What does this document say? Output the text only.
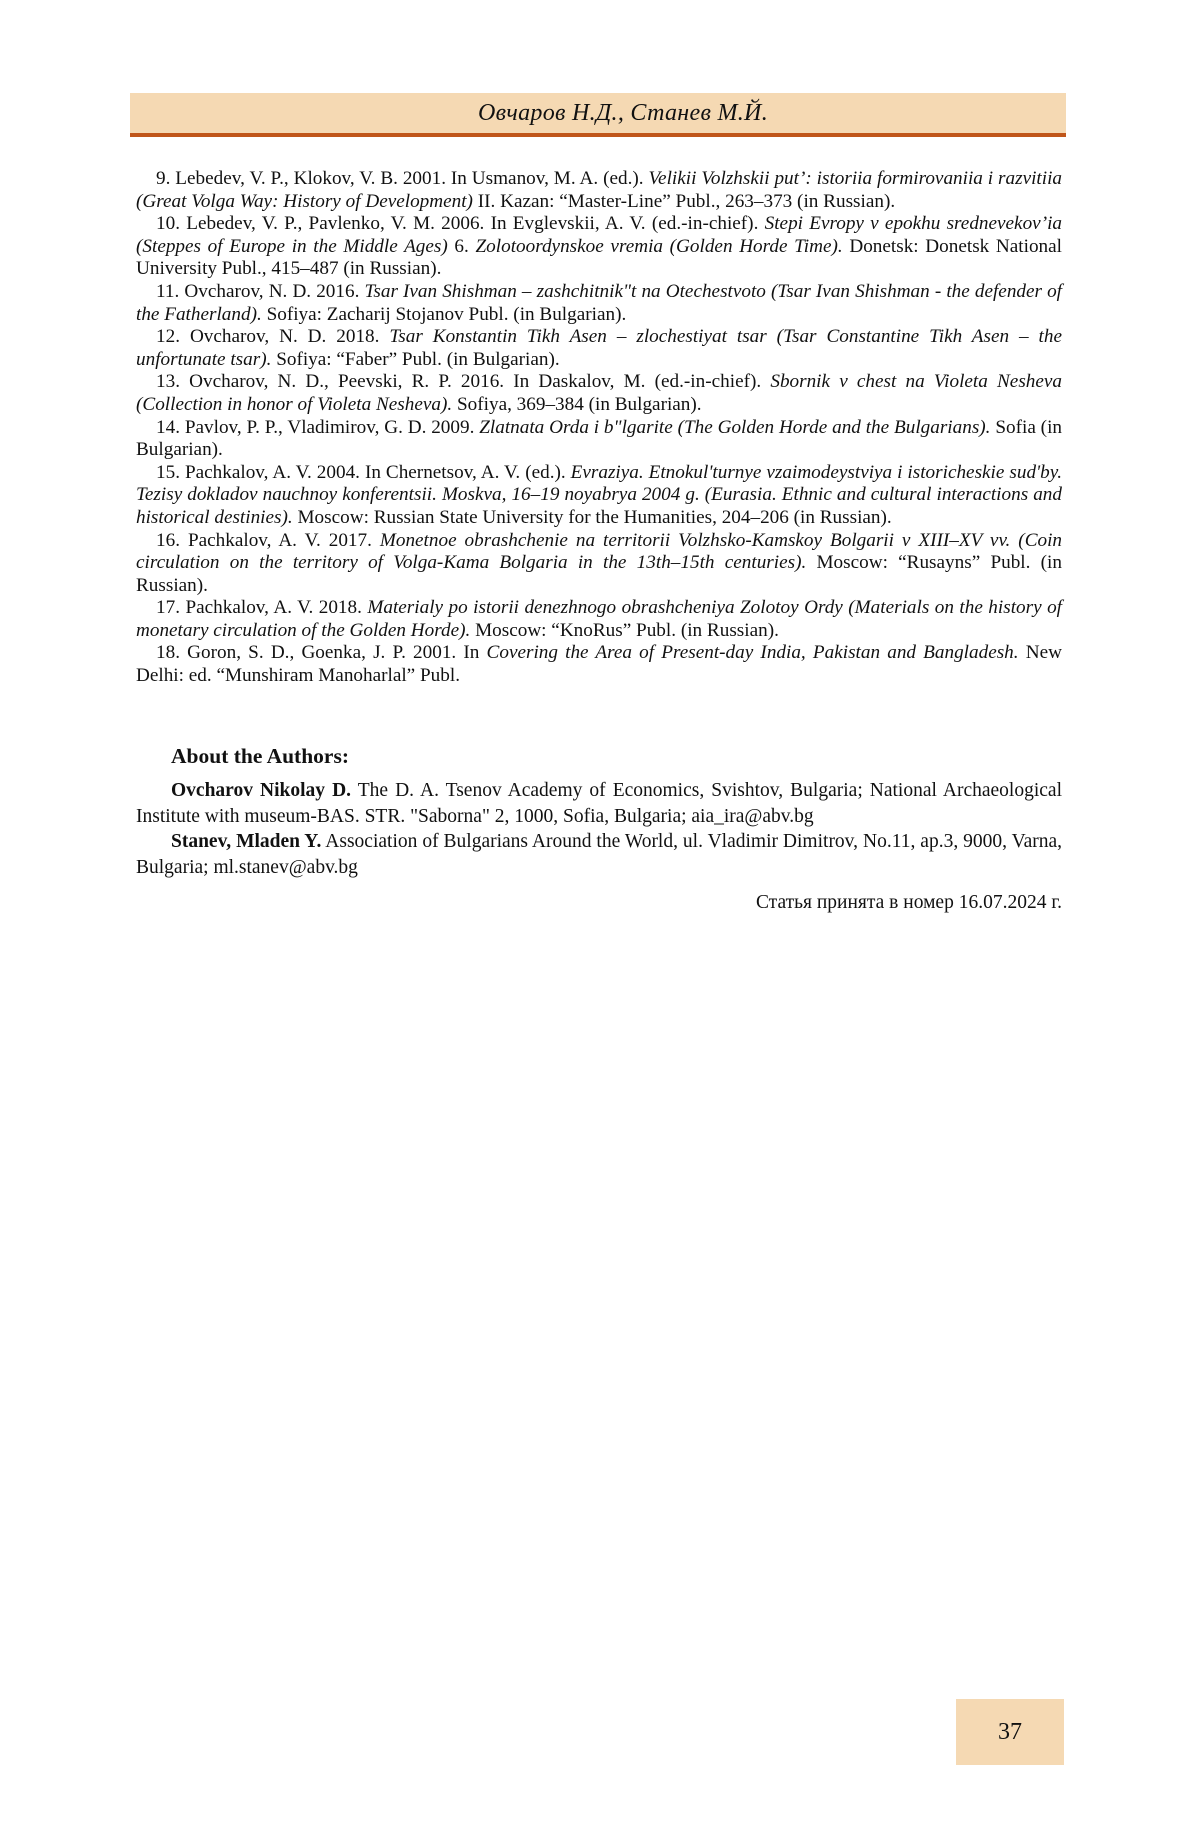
Овчаров Н.Д., Станев М.Й.

9. Lebedev, V. P., Klokov, V. B. 2001. In Usmanov, M. A. (ed.). Velikii Volzhskii put’: istoriia formirovaniia i razvitiia (Great Volga Way: History of Development) II. Kazan: “Master-Line” Publ., 263–373 (in Russian).

10. Lebedev, V. P., Pavlenko, V. M. 2006. In Evglevskii, A. V. (ed.-in-chief). Stepi Evropy v epokhu srednevekov’ia (Steppes of Europe in the Middle Ages) 6. Zolotoordynskoe vremia (Golden Horde Time). Donetsk: Donetsk National University Publ., 415–487 (in Russian).

11. Ovcharov, N. D. 2016. Tsar Ivan Shishman – zashchitnik"t na Otechestvoto (Tsar Ivan Shishman - the defender of the Fatherland). Sofiya: Zacharij Stojanov Publ. (in Bulgarian).

12. Ovcharov, N. D. 2018. Tsar Konstantin Tikh Asen – zlochestiyat tsar (Tsar Constantine Tikh Asen – the unfortunate tsar). Sofiya: “Faber” Publ. (in Bulgarian).

13. Ovcharov, N. D., Peevski, R. P. 2016. In Daskalov, M. (ed.-in-chief). Sbornik v chest na Violeta Nesheva (Collection in honor of Violeta Nesheva). Sofiya, 369–384 (in Bulgarian).

14. Pavlov, P. P., Vladimirov, G. D. 2009. Zlatnata Orda i b"lgarite (The Golden Horde and the Bulgarians). Sofia (in Bulgarian).

15. Pachkalov, A. V. 2004. In Chernetsov, A. V. (ed.). Evraziya. Etnokul'turnye vzaimodeystviya i istoricheskie sud'by. Tezisy dokladov nauchnoy konferentsii. Moskva, 16–19 noyabrya 2004 g. (Eurasia. Ethnic and cultural interactions and historical destinies). Moscow: Russian State University for the Humanities, 204–206 (in Russian).

16. Pachkalov, A. V. 2017. Monetnoe obrashchenie na territorii Volzhsko-Kamskoy Bolgarii v XIII–XV vv. (Coin circulation on the territory of Volga-Kama Bolgaria in the 13th–15th centuries). Moscow: “Rusayns” Publ. (in Russian).

17. Pachkalov, A. V. 2018. Materialy po istorii denezhnogo obrashcheniya Zolotoy Ordy (Materials on the history of monetary circulation of the Golden Horde). Moscow: “KnoRus” Publ. (in Russian).

18. Goron, S. D., Goenka, J. P. 2001. In Covering the Area of Present-day India, Pakistan and Bangladesh. New Delhi: ed. “Munshiram Manoharlal” Publ.

About the Authors:

Ovcharov Nikolay D. The D. A. Tsenov Academy of Economics, Svishtov, Bulgaria; National Archaeological Institute with museum-BAS. STR. "Saborna" 2, 1000, Sofia, Bulgaria; aia_ira@abv.bg

Stanev, Mladen Y. Association of Bulgarians Around the World, ul. Vladimir Dimitrov, No.11, ap.3, 9000, Varna, Bulgaria; ml.stanev@abv.bg

Статья принята в номер 16.07.2024 г.
37
